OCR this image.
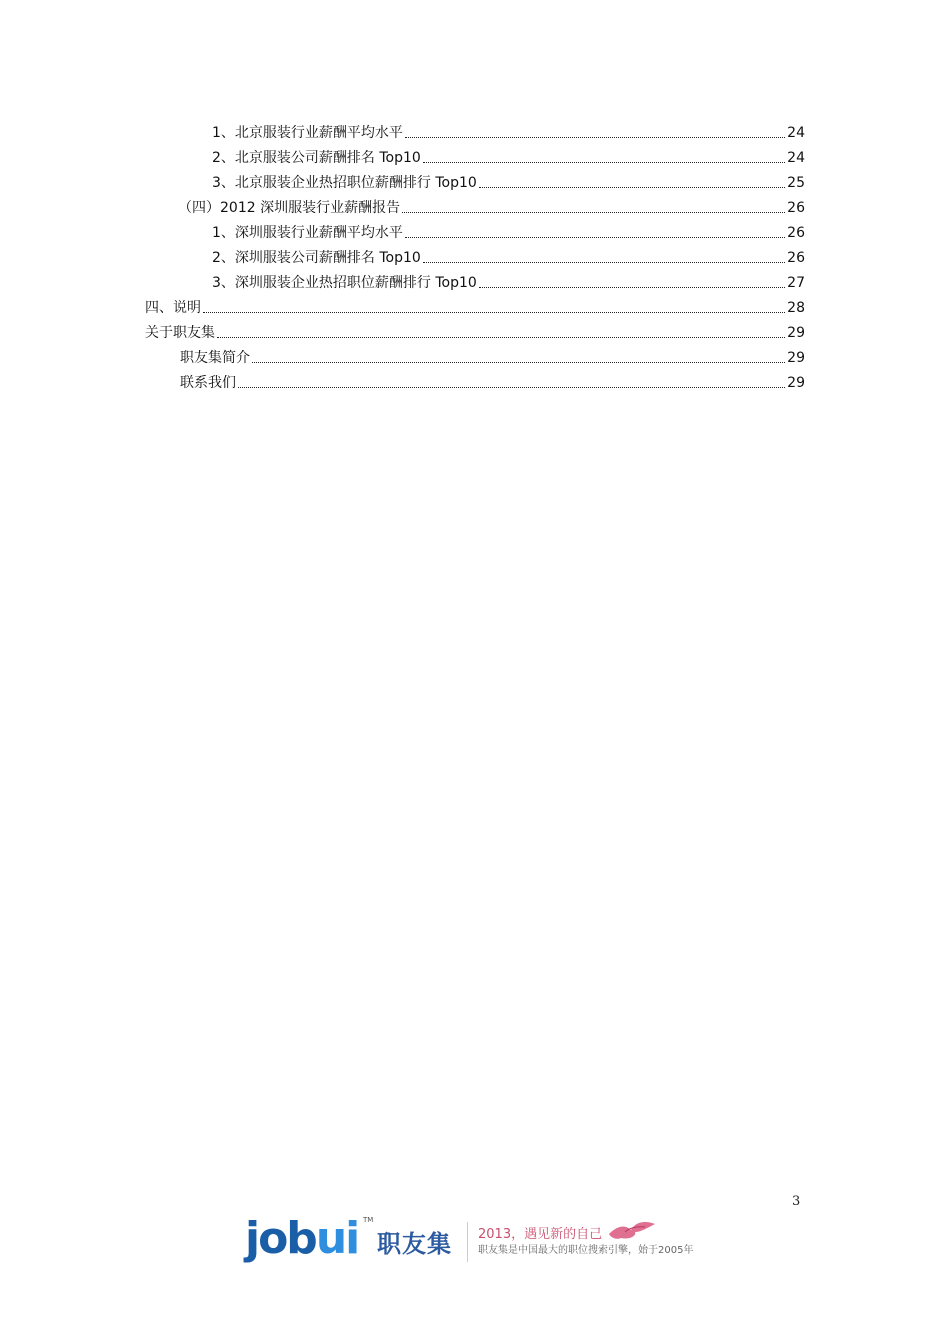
1、北京服装行业薪酬平均水平	24
2、北京服装公司薪酬排名 Top10	24
3、北京服装企业热招职位薪酬排行 Top10	25
（四）2012 深圳服装行业薪酬报告	26
1、深圳服装行业薪酬平均水平	26
2、深圳服装公司薪酬排名 Top10	26
3、深圳服装企业热招职位薪酬排行 Top10	27
四、说明	28
关于职友集	29
职友集简介	29
联系我们	29
3
jobui TM
职友集 2013，遇见新的自己
职友集是中国最大的职位搜索引擎，始于2005年
